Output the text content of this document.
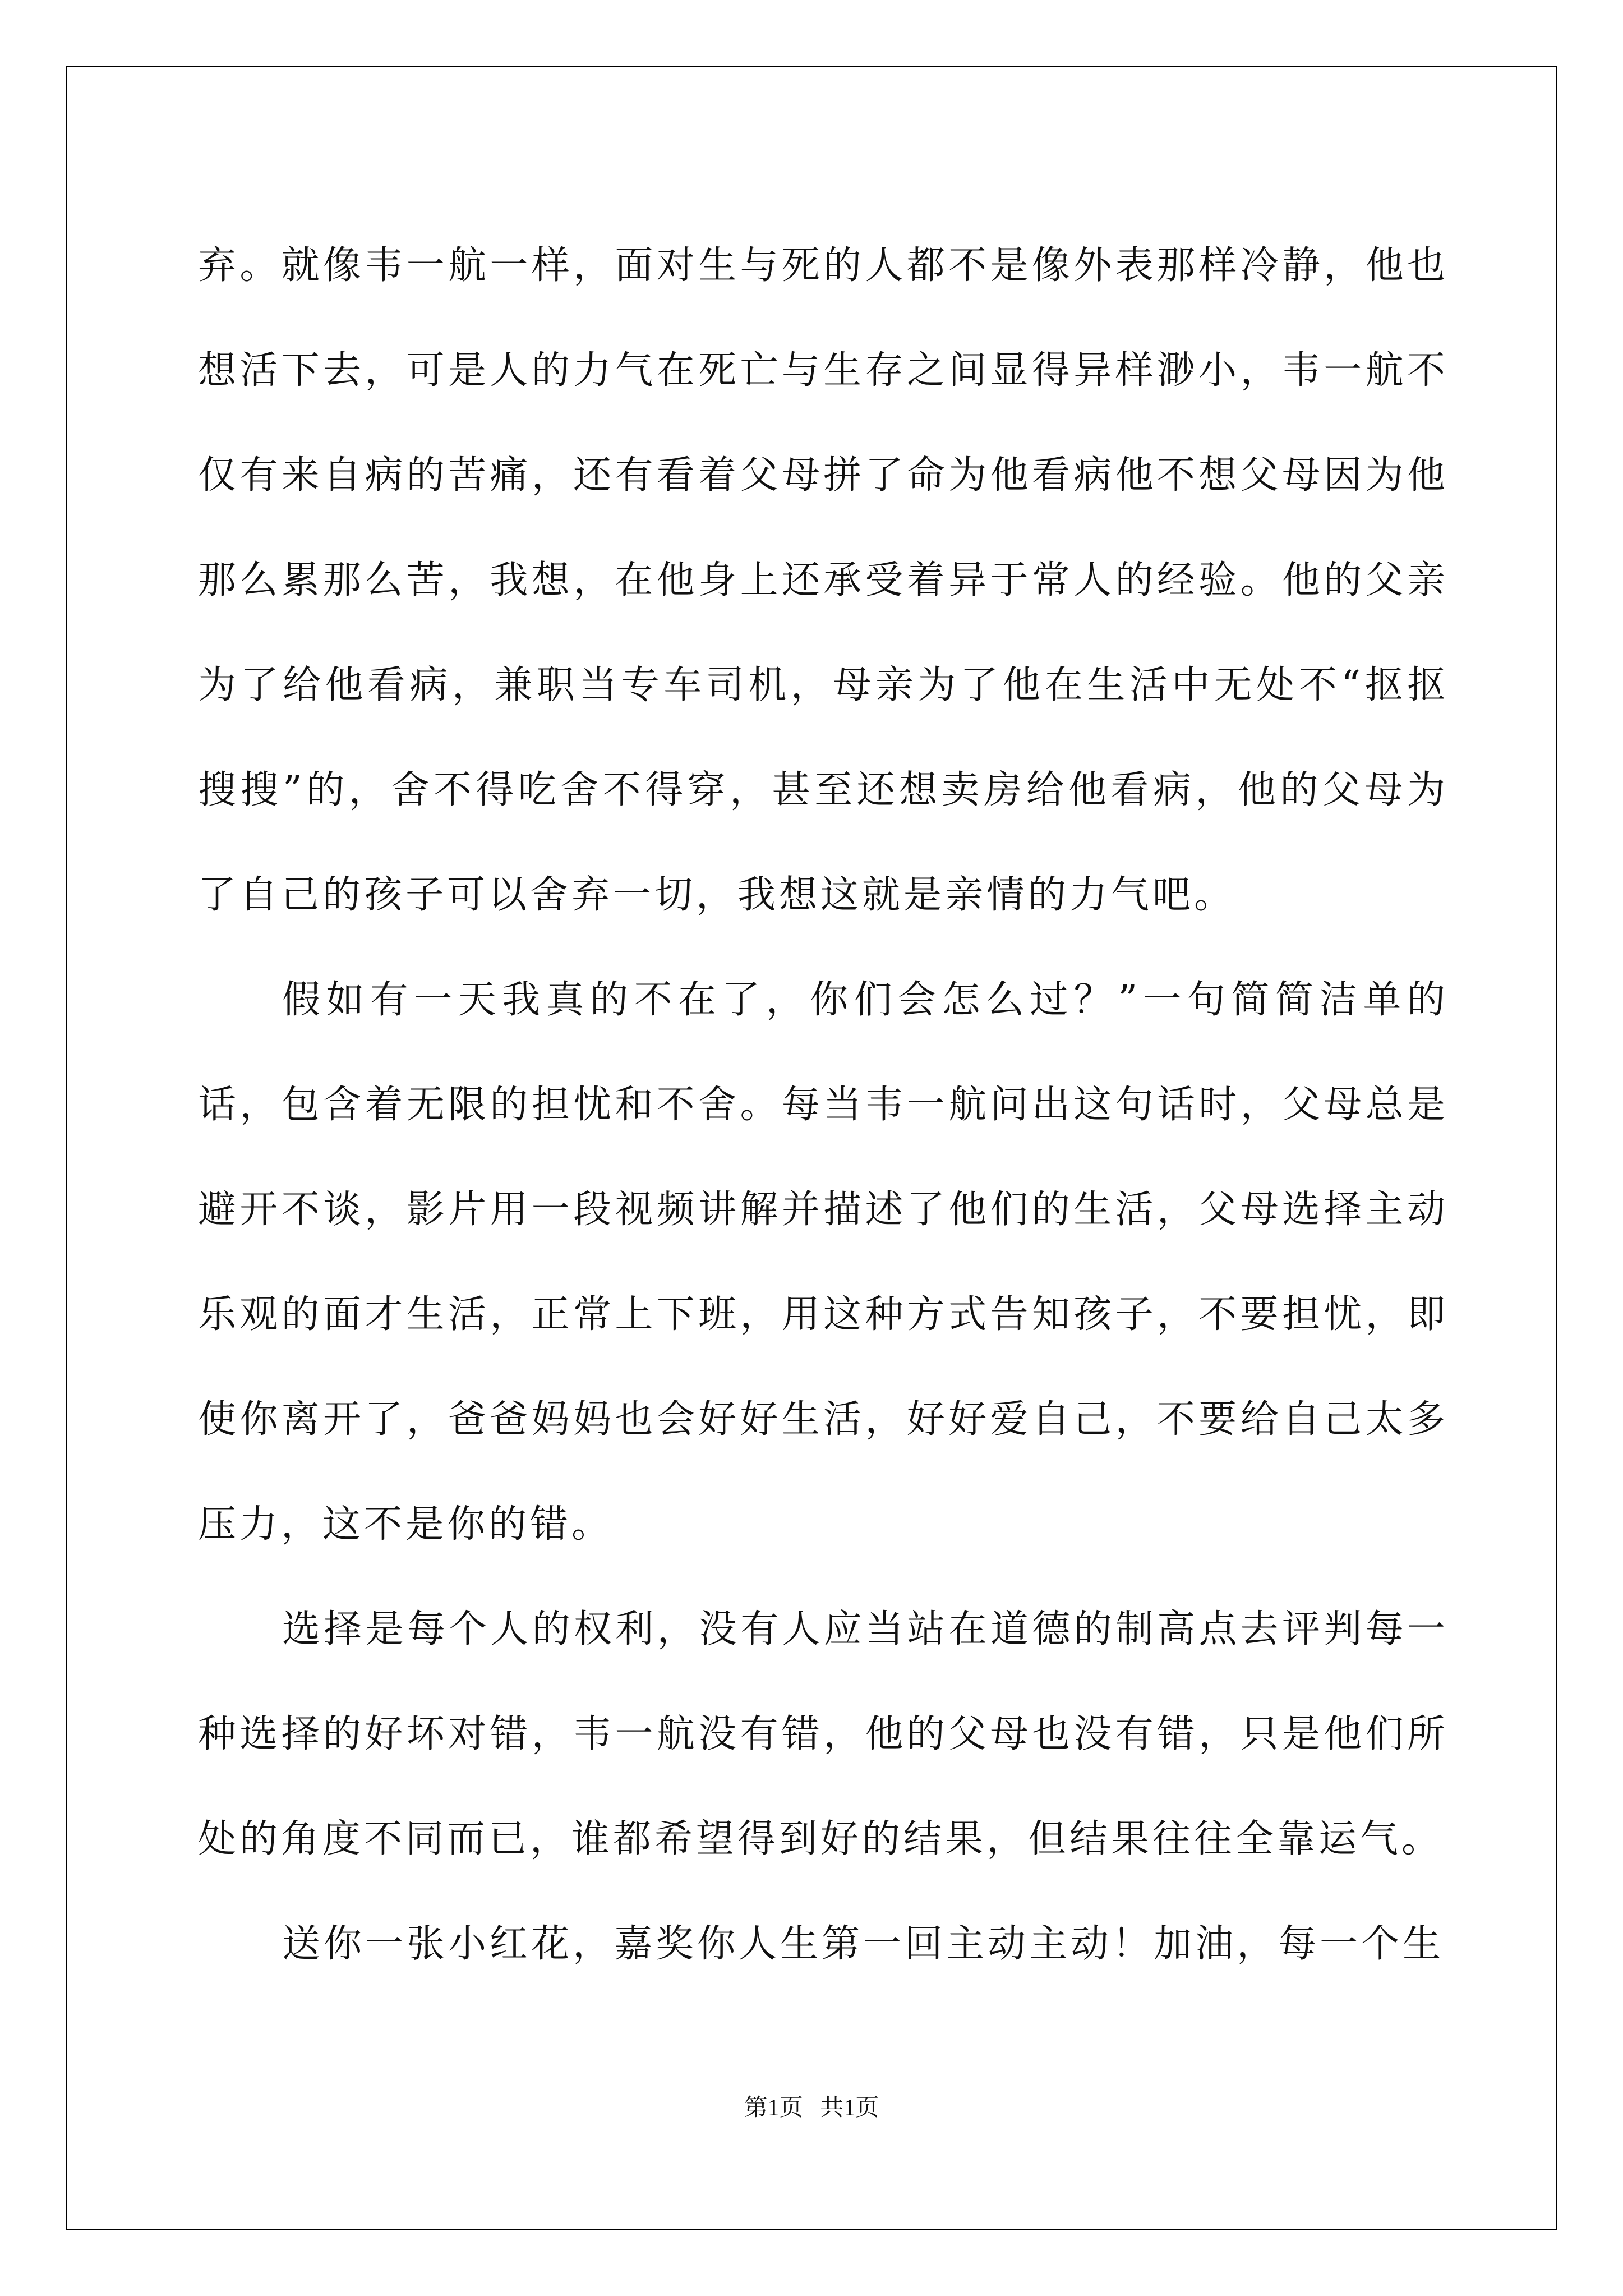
弃。就像韦一航一样，面对生与死的人都不是像外表那样冷静，他也想活下去，可是人的力气在死亡与生存之间显得异样渺小，韦一航不仅有来自病的苦痛，还有看着父母拼了命为他看病他不想父母因为他那么累那么苦，我想，在他身上还承受着异于常人的经验。他的父亲为了给他看病，兼职当专车司机，母亲为了他在生活中无处不“抠抠搜搜”的，舍不得吃舍不得穿，甚至还想卖房给他看病，他的父母为了自己的孩子可以舍弃一切，我想这就是亲情的力气吧。

假如有一天我真的不在了，你们会怎么过？”一句简简洁单的话，包含着无限的担忧和不舍。每当韦一航问出这句话时，父母总是避开不谈，影片用一段视频讲解并描述了他们的生活，父母选择主动乐观的面才生活，正常上下班，用这种方式告知孩子，不要担忧，即使你离开了，爸爸妈妈也会好好生活，好好爱自己，不要给自己太多压力，这不是你的错。

选择是每个人的权利，没有人应当站在道德的制高点去评判每一种选择的好坏对错，韦一航没有错，他的父母也没有错，只是他们所处的角度不同而已，谁都希望得到好的结果，但结果往往全靠运气。

送你一张小红花，嘉奖你人生第一回主动主动！加油，每一个生

第1页 共1页
